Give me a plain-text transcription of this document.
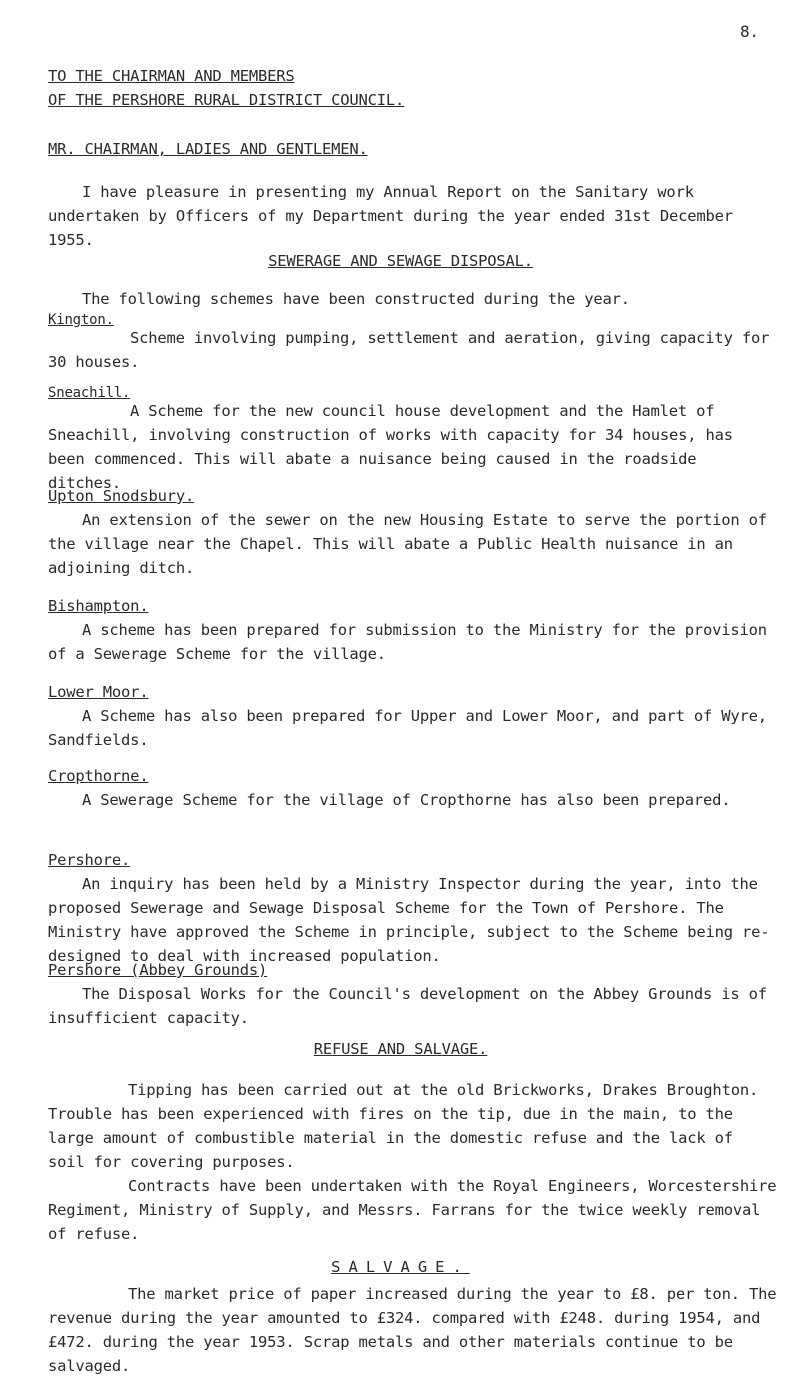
8.
TO THE CHAIRMAN AND MEMBERS
OF THE PERSHORE RURAL DISTRICT COUNCIL.
MR. CHAIRMAN, LADIES AND GENTLEMEN.

I have pleasure in presenting my Annual Report on the Sanitary work undertaken by Officers of my Department during the year ended 31st December 1955.

SEWERAGE AND SEWAGE DISPOSAL.

The following schemes have been constructed during the year.

Kington.

Scheme involving pumping, settlement and aeration, giving capacity for 30 houses.

Sneachill.

A Scheme for the new council house development and the Hamlet of Sneachill, involving construction of works with capacity for 34 houses, has been commenced. This will abate a nuisance being caused in the roadside ditches.

Upton Snodsbury.

An extension of the sewer on the new Housing Estate to serve the portion of the village near the Chapel. This will abate a Public Health nuisance in an adjoining ditch.

Bishampton.

A scheme has been prepared for submission to the Ministry for the provision of a Sewerage Scheme for the village.

Lower Moor.

A Scheme has also been prepared for Upper and Lower Moor, and part of Wyre, Sandfields.

Cropthorne.

A Sewerage Scheme for the village of Cropthorne has also been prepared.

Pershore.

An inquiry has been held by a Ministry Inspector during the year, into the proposed Sewerage and Sewage Disposal Scheme for the Town of Pershore. The Ministry have approved the Scheme in principle, subject to the Scheme being re-designed to deal with increased population.

Pershore (Abbey Grounds)

The Disposal Works for the Council's development on the Abbey Grounds is of insufficient capacity.

REFUSE AND SALVAGE.

Tipping has been carried out at the old Brickworks, Drakes Broughton. Trouble has been experienced with fires on the tip, due in the main, to the large amount of combustible material in the domestic refuse and the lack of soil for covering purposes.

Contracts have been undertaken with the Royal Engineers, Worcestershire Regiment, Ministry of Supply, and Messrs. Farrans for the twice weekly removal of refuse.

SALVAGE.

The market price of paper increased during the year to £8. per ton. The revenue during the year amounted to £324. compared with £248. during 1954, and £472. during the year 1953. Scrap metals and other materials continue to be salvaged.
